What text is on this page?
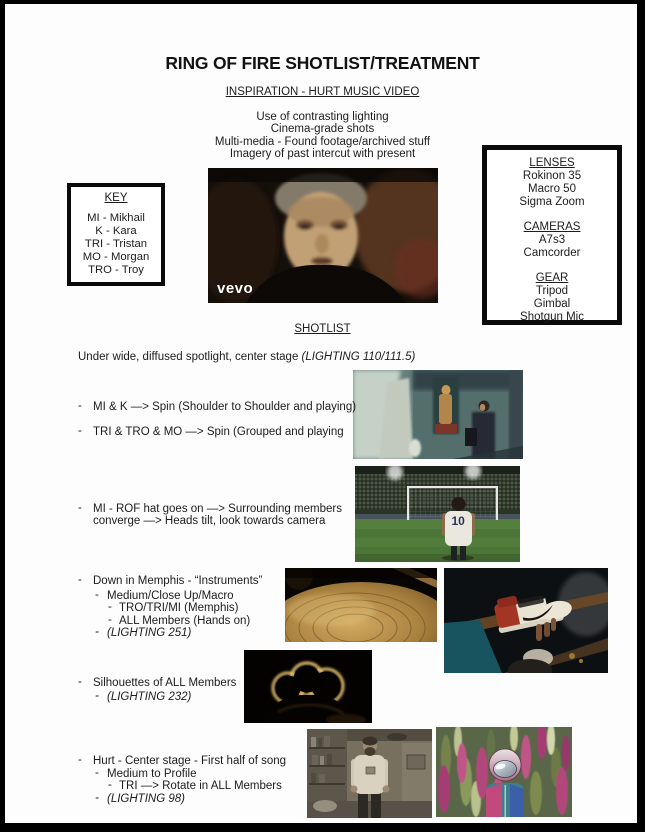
RING OF FIRE SHOTLIST/TREATMENT
INSPIRATION - HURT MUSIC VIDEO
Use of contrasting lighting
Cinema-grade shots
Multi-media - Found footage/archived stuff
Imagery of past intercut with present
KEY
MI - Mikhail
K - Kara
TRI - Tristan
MO - Morgan
TRO - Troy
vevo
LENSES
Rokinon 35
Macro 50
Sigma Zoom
CAMERAS
A7s3
Camcorder
GEAR
Tripod
Gimbal
Shotgun Mic
SHOTLIST
Under wide, diffused spotlight, center stage (LIGHTING 110/111.5)
- MI & K —> Spin (Shoulder to Shoulder and playing)
- TRI & TRO & MO —> Spin (Grouped and playing
10
- MI - ROF hat goes on —> Surrounding members
converge —> Heads tilt, look towards camera
- Down in Memphis - “Instruments”
- Medium/Close Up/Macro
- TRO/TRI/MI (Memphis)
- ALL Members (Hands on)
- (LIGHTING 251)
- Silhouettes of ALL Members
- (LIGHTING 232)
- Hurt - Center stage - First half of song
- Medium to Profile
- TRI —> Rotate in ALL Members
- (LIGHTING 98)
